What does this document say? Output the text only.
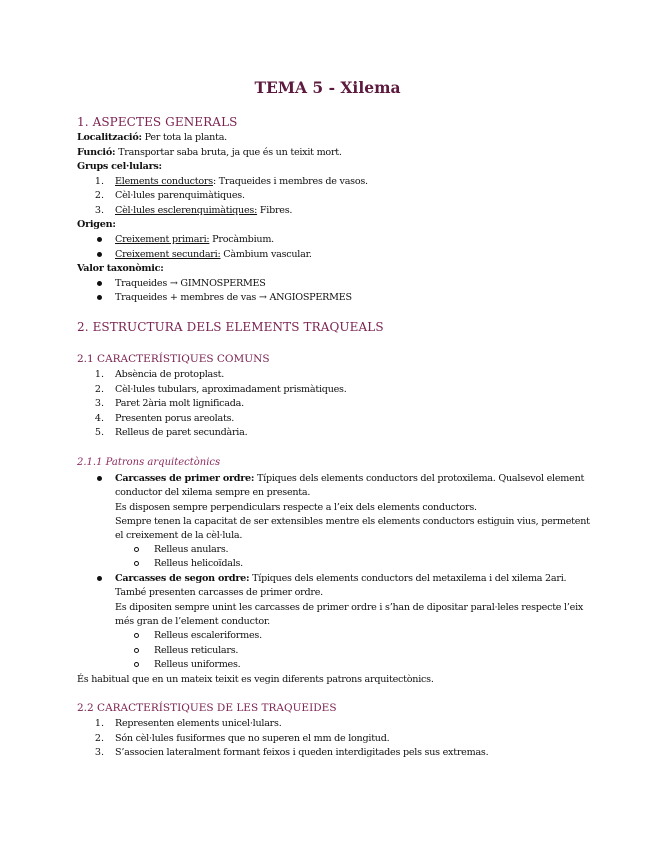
TEMA 5 - Xilema
1. ASPECTES GENERALS
Localització: Per tota la planta.
Funció: Transportar saba bruta, ja que és un teixit mort.
Grups cel·lulars:
1. Elements conductors: Traqueides i membres de vasos.
2. Cèl·lules parenquimàtiques.
3. Cèl·lules esclerenquimàtiques: Fibres.
Origen:
Creixement primari: Procàmbium.
Creixement secundari: Càmbium vascular.
Valor taxonòmic:
Traqueides → GIMNOSPERMES
Traqueides + membres de vas → ANGIOSPERMES
2. ESTRUCTURA DELS ELEMENTS TRAQUEALS
2.1 CARACTERÍSTIQUES COMUNS
1. Absència de protoplast.
2. Cèl·lules tubulars, aproximadament prismàtiques.
3. Paret 2ària molt lignificada.
4. Presenten porus areolats.
5. Relleus de paret secundària.
2.1.1 Patrons arquitectònics
Carcasses de primer ordre: Típiques dels elements conductors del protoxilema. Qualsevol element
conductor del xilema sempre en presenta.
Es disposen sempre perpendiculars respecte a l’eix dels elements conductors.
Sempre tenen la capacitat de ser extensibles mentre els elements conductors estiguin vius, permetent
el creixement de la cèl·lula.
Relleus anulars.
Relleus helicoïdals.
Carcasses de segon ordre: Típiques dels elements conductors del metaxilema i del xilema 2ari.
També presenten carcasses de primer ordre.
Es dipositen sempre unint les carcasses de primer ordre i s’han de dipositar paral·leles respecte l’eix
més gran de l’element conductor.
Relleus escaleriformes.
Relleus reticulars.
Relleus uniformes.
És habitual que en un mateix teixit es vegin diferents patrons arquitectònics.
2.2 CARACTERÍSTIQUES DE LES TRAQUEIDES
1. Representen elements unicel·lulars.
2. Són cèl·lules fusiformes que no superen el mm de longitud.
3. S’associen lateralment formant feixos i queden interdigitades pels sus extremas.
